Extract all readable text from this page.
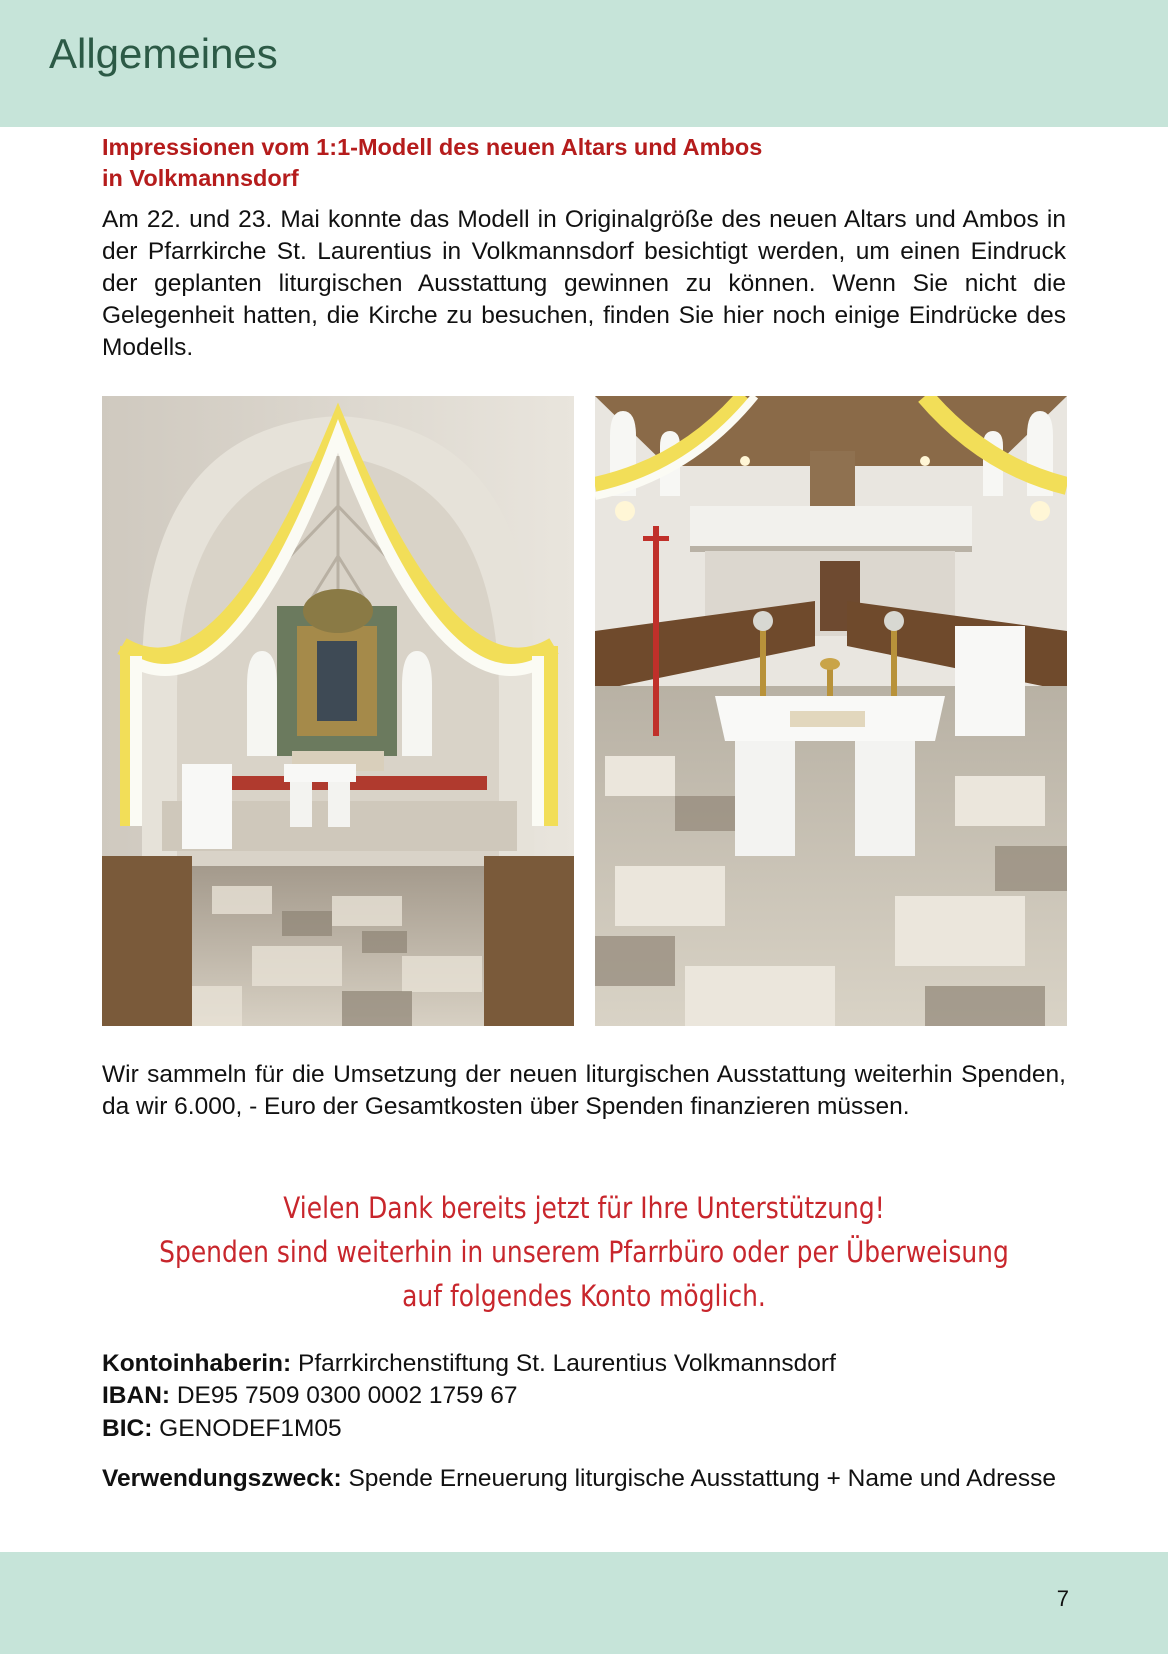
Allgemeines
Impressionen vom 1:1-Modell des neuen Altars und Ambos
in Volkmannsdorf
Am 22. und 23. Mai konnte das Modell in Originalgröße des neuen Altars und Ambos in der Pfarrkirche St. Laurentius in Volkmannsdorf besichtigt werden, um einen Eindruck der geplanten liturgischen Ausstattung gewinnen zu können. Wenn Sie nicht die Gelegenheit hatten, die Kirche zu besuchen, finden Sie hier noch einige Eindrücke des Modells.
Wir sammeln für die Umsetzung der neuen liturgischen Ausstattung weiterhin Spenden, da wir 6.000, - Euro der Gesamtkosten über Spenden finanzieren müssen.
Vielen Dank bereits jetzt für Ihre Unterstützung!
Spenden sind weiterhin in unserem Pfarrbüro oder per Überweisung
auf folgendes Konto möglich.
Kontoinhaberin: Pfarrkirchenstiftung St. Laurentius Volkmannsdorf
IBAN: DE95 7509 0300 0002 1759 67
BIC: GENODEF1M05
Verwendungszweck: Spende Erneuerung liturgische Ausstattung + Name und Adresse
7
